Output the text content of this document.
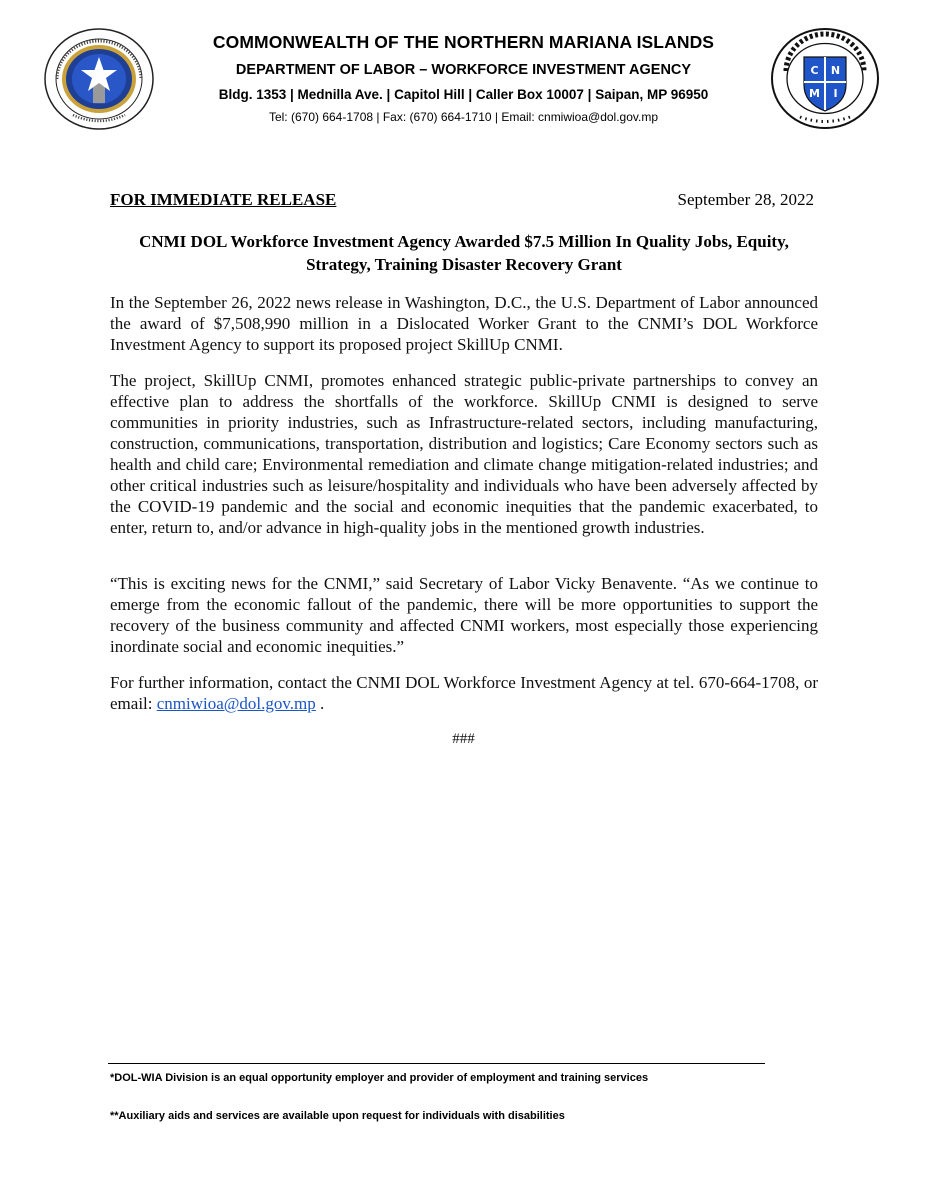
C N
M I
COMMONWEALTH OF THE NORTHERN MARIANA ISLANDS
DEPARTMENT OF LABOR – WORKFORCE INVESTMENT AGENCY
Bldg. 1353 | Mednilla Ave. | Capitol Hill | Caller Box 10007 | Saipan, MP 96950
Tel: (670) 664-1708 | Fax: (670) 664-1710 | Email: cnmiwioa@dol.gov.mp
FOR IMMEDIATE RELEASE	September 28, 2022
CNMI DOL Workforce Investment Agency Awarded $7.5 Million In Quality Jobs, Equity, Strategy, Training Disaster Recovery Grant
In the September 26, 2022 news release in Washington, D.C., the U.S. Department of Labor announced the award of $7,508,990 million in a Dislocated Worker Grant to the CNMI’s DOL Workforce Investment Agency to support its proposed project SkillUp CNMI.
The project, SkillUp CNMI, promotes enhanced strategic public-private partnerships to convey an effective plan to address the shortfalls of the workforce. SkillUp CNMI is designed to serve communities in priority industries, such as Infrastructure-related sectors, including manufacturing, construction, communications, transportation, distribution and logistics; Care Economy sectors such as health and child care; Environmental remediation and climate change mitigation-related industries; and other critical industries such as leisure/hospitality and individuals who have been adversely affected by the COVID-19 pandemic and the social and economic inequities that the pandemic exacerbated, to enter, return to, and/or advance in high-quality jobs in the mentioned growth industries.
“This is exciting news for the CNMI,” said Secretary of Labor Vicky Benavente. “As we continue to emerge from the economic fallout of the pandemic, there will be more opportunities to support the recovery of the business community and affected CNMI workers, most especially those experiencing inordinate social and economic inequities.”
For further information, contact the CNMI DOL Workforce Investment Agency at tel. 670-664-1708, or email: cnmiwioa@dol.gov.mp .
###
*DOL-WIA Division is an equal opportunity employer and provider of employment and training services
**Auxiliary aids and services are available upon request for individuals with disabilities
